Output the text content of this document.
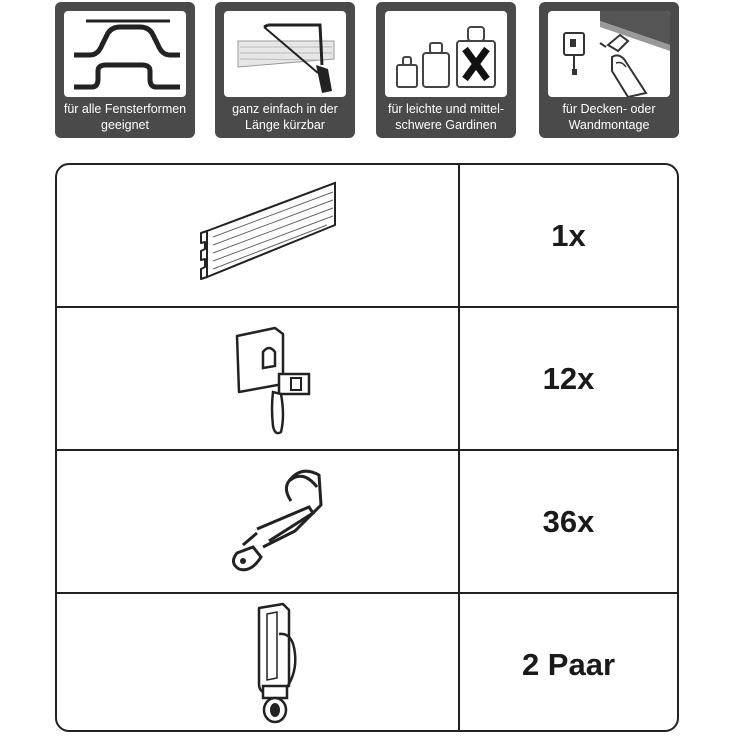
für alle Fensterformen
geeignet
ganz einfach in der
Länge kürzbar
für leichte und mittel-
schwere Gardinen
für Decken- oder
Wandmontage
1x
12x
36x
2 Paar
